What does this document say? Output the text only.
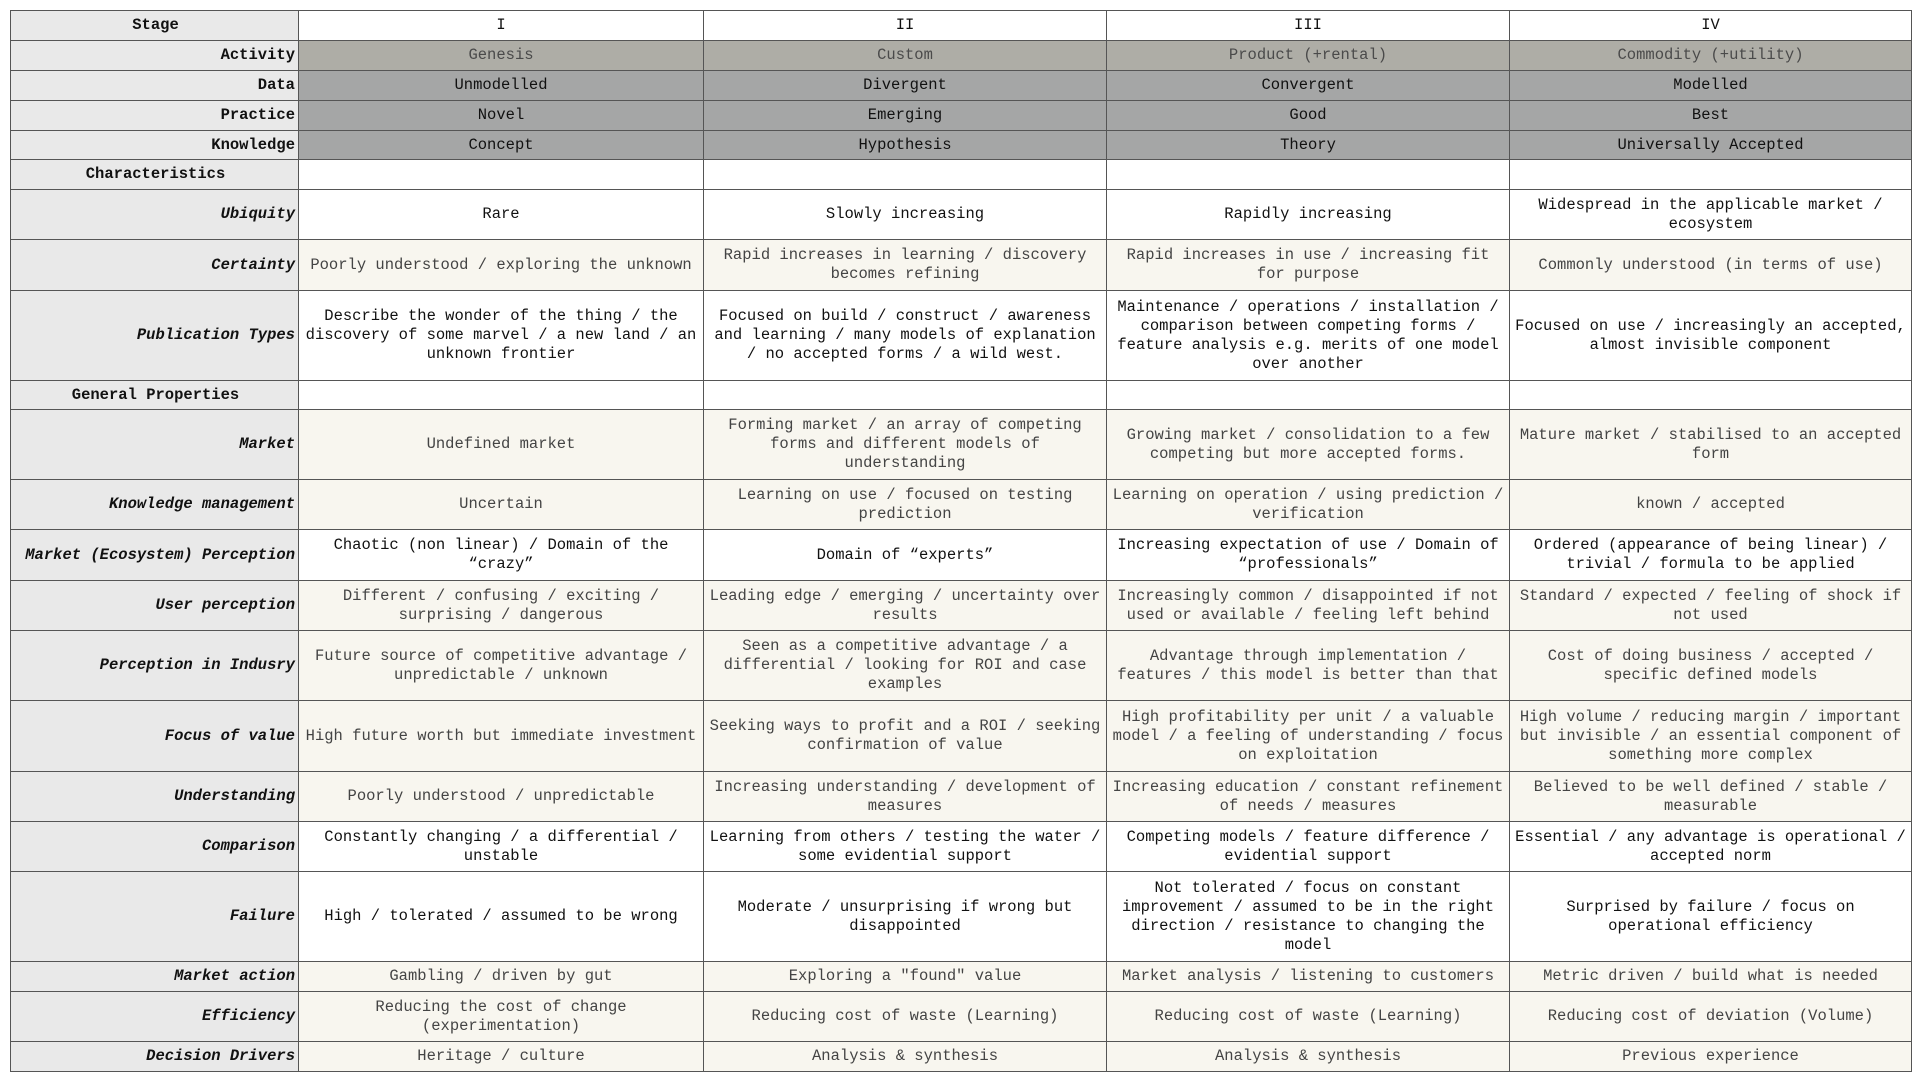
Stage	I	II	III	IV
Activity	Genesis	Custom	Product (+rental)	Commodity (+utility)
Data	Unmodelled	Divergent	Convergent	Modelled
Practice	Novel	Emerging	Good	Best
Knowledge	Concept	Hypothesis	Theory	Universally Accepted
Characteristics				
Ubiquity	Rare	Slowly increasing	Rapidly increasing	Widespread in the applicable market / ecosystem
Certainty	Poorly understood / exploring the unknown	Rapid increases in learning / discovery becomes refining	Rapid increases in use / increasing fit for purpose	Commonly understood (in terms of use)
Publication Types	Describe the wonder of the thing / the discovery of some marvel / a new land / an unknown frontier	Focused on build / construct / awareness and learning / many models of explanation / no accepted forms / a wild west.	Maintenance / operations / installation / comparison between competing forms / feature analysis e.g. merits of one model over another	Focused on use / increasingly an accepted, almost invisible component
General Properties				
Market	Undefined market	Forming market / an array of competing forms and different models of understanding	Growing market / consolidation to a few competing but more accepted forms.	Mature market / stabilised to an accepted form
Knowledge management	Uncertain	Learning on use / focused on testing prediction	Learning on operation / using prediction / verification	known / accepted
Market (Ecosystem) Perception	Chaotic (non linear) / Domain of the “crazy”	Domain of “experts”	Increasing expectation of use / Domain of “professionals”	Ordered (appearance of being linear) / trivial / formula to be applied
User perception	Different / confusing / exciting / surprising / dangerous	Leading edge / emerging / uncertainty over results	Increasingly common / disappointed if not used or available / feeling left behind	Standard / expected / feeling of shock if not used
Perception in Indusry	Future source of competitive advantage / unpredictable / unknown	Seen as a competitive advantage / a differential / looking for ROI and case examples	Advantage through implementation / features / this model is better than that	Cost of doing business / accepted / specific defined models
Focus of value	High future worth but immediate investment	Seeking ways to profit and a ROI / seeking confirmation of value	High profitability per unit / a valuable model / a feeling of understanding / focus on exploitation	High volume / reducing margin / important but invisible / an essential component of something more complex
Understanding	Poorly understood / unpredictable	Increasing understanding / development of measures	Increasing education / constant refinement of needs / measures	Believed to be well defined / stable / measurable
Comparison	Constantly changing / a differential / unstable	Learning from others / testing the water / some evidential support	Competing models / feature difference / evidential support	Essential / any advantage is operational / accepted norm
Failure	High / tolerated / assumed to be wrong	Moderate / unsurprising if wrong but disappointed	Not tolerated / focus on constant improvement / assumed to be in the right direction / resistance to changing the model	Surprised by failure / focus on operational efficiency
Market action	Gambling / driven by gut	Exploring a "found" value	Market analysis / listening to customers	Metric driven / build what is needed
Efficiency	Reducing the cost of change (experimentation)	Reducing cost of waste (Learning)	Reducing cost of waste (Learning)	Reducing cost of deviation (Volume)
Decision Drivers	Heritage / culture	Analysis & synthesis	Analysis & synthesis	Previous experience
